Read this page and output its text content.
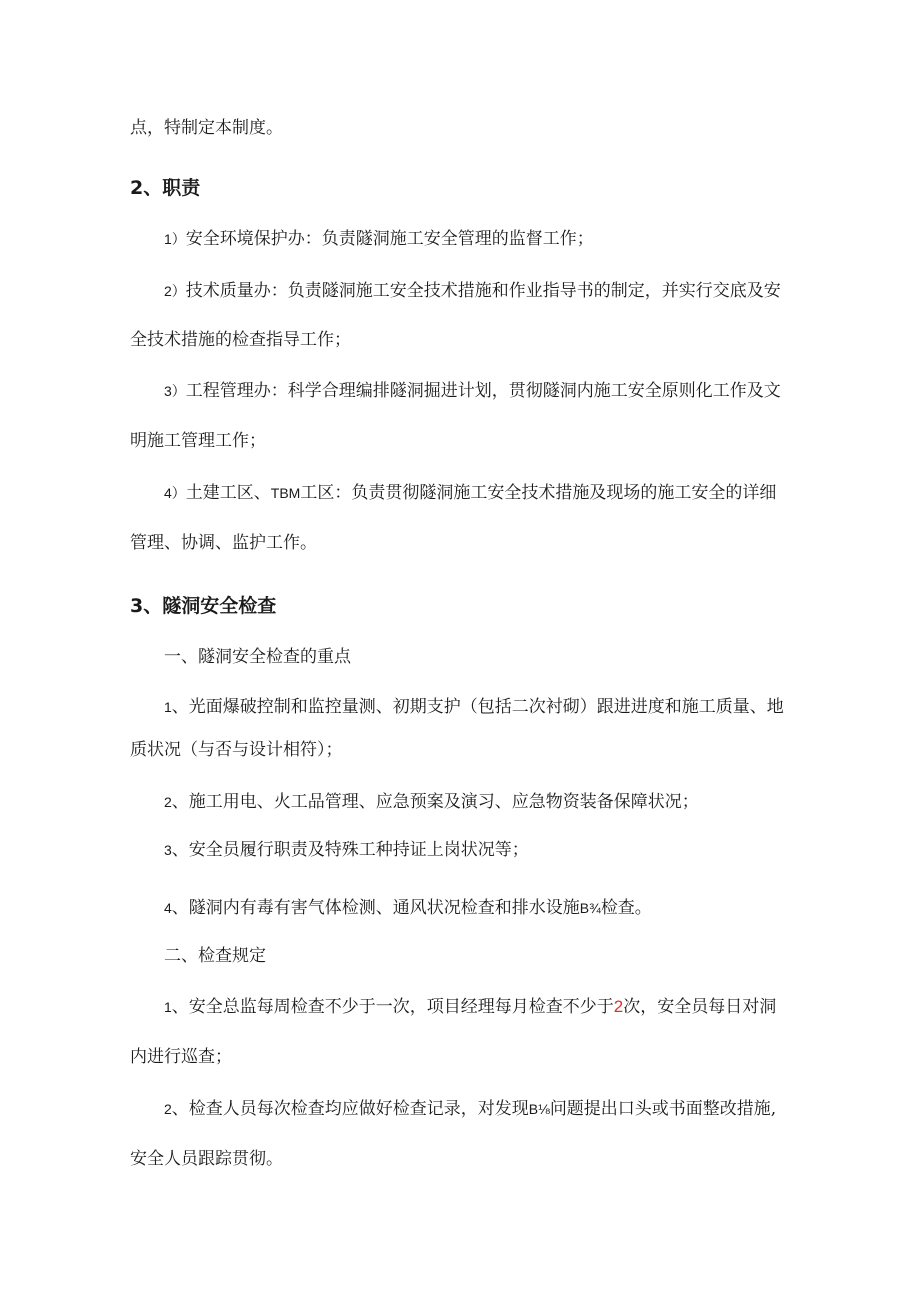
点，特制定本制度。
2、职责
1）安全环境保护办：负责隧洞施工安全管理的监督工作；
2）技术质量办：负责隧洞施工安全技术措施和作业指导书的制定，并实行交底及安
全技术措施的检查指导工作；
3）工程管理办：科学合理编排隧洞掘进计划，贯彻隧洞内施工安全原则化工作及文
明施工管理工作；
4）土建工区、TBM工区：负责贯彻隧洞施工安全技术措施及现场的施工安全的详细
管理、协调、监护工作。
3、隧洞安全检查
一、隧洞安全检查的重点
1、光面爆破控制和监控量测、初期支护（包括二次衬砌）跟进进度和施工质量、地
质状况（与否与设计相符）；
2、施工用电、火工品管理、应急预案及演习、应急物资装备保障状况；
3、安全员履行职责及特殊工种持证上岗状况等；
4、隧洞内有毒有害气体检测、通风状况检查和排水设施B¾检查。
二、检查规定
1、安全总监每周检查不少于一次，项目经理每月检查不少于2次，安全员每日对洞
内进行巡查；
2、检查人员每次检查均应做好检查记录，对发现B⅛问题提出口头或书面整改措施,
安全人员跟踪贯彻。
